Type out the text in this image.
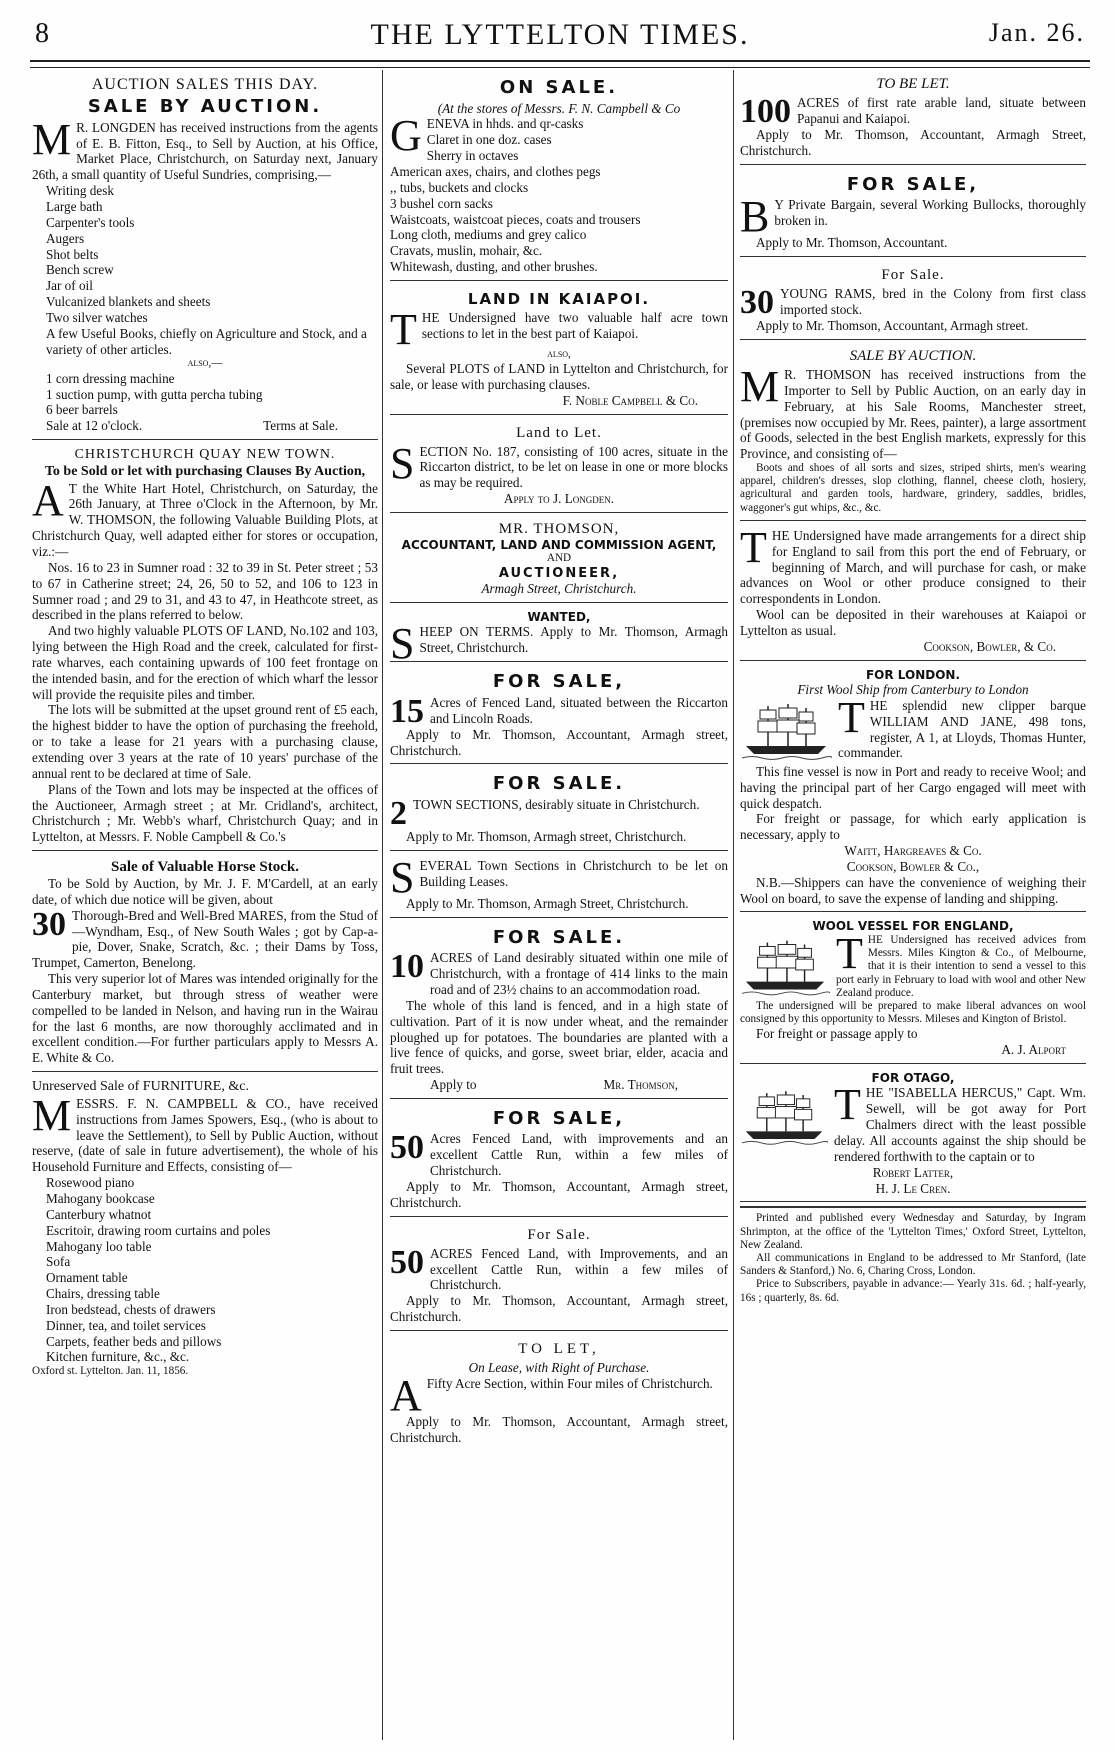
8	THE LYTTELTON TIMES.	Jan. 26.
AUCTION SALES THIS DAY.
SALE BY AUCTION.

M R. LONGDEN has received instructions from the agents of E. B. Fitton, Esq., to Sell by Auction, at his Office, Market Place, Christchurch, on Saturday next, January 26th, a small quantity of Useful Sundries, comprising,—

Writing desk
Large bath
Carpenter's tools
Augers
Shot belts
Bench screw
Jar of oil
Vulcanized blankets and sheets
Two silver watches
A few Useful Books, chiefly on Agriculture and Stock, and a variety of other articles.
also,—
1 corn dressing machine
1 suction pump, with gutta percha tubing
6 beer barrels
Sale at 12 o'clock.	Terms at Sale.
CHRISTCHURCH QUAY NEW TOWN.
To be Sold or let with purchasing Clauses By Auction,

A T the White Hart Hotel, Christchurch, on Saturday, the 26th January, at Three o'Clock in the Afternoon, by Mr. W. THOMSON, the following Valuable Building Plots, at Christchurch Quay, well adapted either for stores or occupation, viz.:—

Nos. 16 to 23 in Sumner road : 32 to 39 in St. Peter street ; 53 to 67 in Catherine street; 24, 26, 50 to 52, and 106 to 123 in Sumner road ; and 29 to 31, and 43 to 47, in Heathcote street, as described in the plans referred to below.

And two highly valuable PLOTS OF LAND, No.102 and 103, lying between the High Road and the creek, calculated for first-rate wharves, each containing upwards of 100 feet frontage on the intended basin, and for the erection of which wharf the lessor will provide the requisite piles and timber.

The lots will be submitted at the upset ground rent of £5 each, the highest bidder to have the option of purchasing the freehold, or to take a lease for 21 years with a purchasing clause, extending over 3 years at the rate of 10 years' purchase of the annual rent to be declared at time of Sale.

Plans of the Town and lots may be inspected at the offices of the Auctioneer, Armagh street ; at Mr. Cridland's, architect, Christchurch ; Mr. Webb's wharf, Christchurch Quay; and in Lyttelton, at Messrs. F. Noble Campbell & Co.'s

Sale of Valuable Horse Stock.

To be Sold by Auction, by Mr. J. F. M'Cardell, at an early date, of which due notice will be given, about

30 Thorough-Bred and Well-Bred MARES, from the Stud of —Wyndham, Esq., of New South Wales ; got by Cap-a-pie, Dover, Snake, Scratch, &c. ; their Dams by Toss, Trumpet, Camerton, Benelong.

This very superior lot of Mares was intended originally for the Canterbury market, but through stress of weather were compelled to be landed in Nelson, and having run in the Wairau for the last 6 months, are now thoroughly acclimated and in excellent condition.—For further particulars apply to Messrs A. E. White & Co.

Unreserved Sale of FURNITURE, &c.

MESSRS. F. N. CAMPBELL & CO., have received instructions from James Spowers, Esq., (who is about to leave the Settlement), to Sell by Public Auction, without reserve, (date of sale in future advertisement), the whole of his Household Furniture and Effects, consisting of—

Rosewood piano
Mahogany bookcase
Canterbury whatnot
Escritoir, drawing room curtains and poles
Mahogany loo table
Sofa
Ornament table
Chairs, dressing table
Iron bedstead, chests of drawers
Dinner, tea, and toilet services
Carpets, feather beds and pillows
Kitchen furniture, &c., &c.
Oxford st. Lyttelton. Jan. 11, 1856.
ON SALE.
(At the stores of Messrs. F. N. Campbell & Co
G ENEVA in hhds. and qr-casks
Claret in one doz. cases
Sherry in octaves
American axes, chairs, and clothes pegs
,, tubs, buckets and clocks
3 bushel corn sacks
Waistcoats, waistcoat pieces, coats and trousers
Long cloth, mediums and grey calico
Cravats, muslin, mohair, &c.
Whitewash, dusting, and other brushes.
LAND IN KAIAPOI.

THE Undersigned have two valuable half acre town sections to let in the best part of Kaiapoi.

also,

Several PLOTS of LAND in Lyttelton and Christchurch, for sale, or lease with purchasing clauses.

F. Noble Campbell & Co.
Land to Let.

SECTION No. 187, consisting of 100 acres, situate in the Riccarton district, to be let on lease in one or more blocks as may be required.

Apply to J. Longden.
MR. THOMSON,
ACCOUNTANT, LAND AND COMMISSION AGENT,
AND
AUCTIONEER,
Armagh Street, Christchurch.
WANTED,

SHEEP ON TERMS. Apply to Mr. Thomson, Armagh Street, Christchurch.

FOR SALE,

15 Acres of Fenced Land, situated between the Riccarton and Lincoln Roads.

Apply to Mr. Thomson, Accountant, Armagh street, Christchurch.

FOR SALE.

2 TOWN SECTIONS, desirably situate in Christchurch.

Apply to Mr. Thomson, Armagh street, Christchurch.

SEVERAL Town Sections in Christchurch to be let on Building Leases.

Apply to Mr. Thomson, Armagh Street, Christchurch.

FOR SALE.

10 ACRES of Land desirably situated within one mile of Christchurch, with a frontage of 414 links to the main road and of 23½ chains to an accommodation road.

The whole of this land is fenced, and in a high state of cultivation. Part of it is now under wheat, and the remainder ploughed up for potatoes. The boundaries are planted with a live fence of quicks, and gorse, sweet briar, elder, acacia and fruit trees.

Apply to	Mr. Thomson,
FOR SALE,

50 Acres Fenced Land, with improvements and an excellent Cattle Run, within a few miles of Christchurch.

Apply to Mr. Thomson, Accountant, Armagh street, Christchurch.

For Sale.

50 ACRES Fenced Land, with Improvements, and an excellent Cattle Run, within a few miles of Christchurch.

Apply to Mr. Thomson, Accountant, Armagh street, Christchurch.

TO LET,
On Lease, with Right of Purchase.

A Fifty Acre Section, within Four miles of Christchurch.

Apply to Mr. Thomson, Accountant, Armagh street, Christchurch.

TO BE LET.

100 ACRES of first rate arable land, situate between Papanui and Kaiapoi.

Apply to Mr. Thomson, Accountant, Armagh Street, Christchurch.

FOR SALE,

B Y Private Bargain, several Working Bullocks, thoroughly broken in.

Apply to Mr. Thomson, Accountant.

For Sale.

30 YOUNG RAMS, bred in the Colony from first class imported stock.

Apply to Mr. Thomson, Accountant, Armagh street.

SALE BY AUCTION.

M R. THOMSON has received instructions from the Importer to Sell by Public Auction, on an early day in February, at his Sale Rooms, Manchester street, (premises now occupied by Mr. Rees, painter), a large assortment of Goods, selected in the best English markets, expressly for this Province, and consisting of—

Boots and shoes of all sorts and sizes, striped shirts, men's wearing apparel, children's dresses, slop clothing, flannel, cheese cloth, hosiery, agricultural and garden tools, hardware, grindery, saddles, bridles, waggoner's gut whips, &c., &c.

THE Undersigned have made arrangements for a direct ship for England to sail from this port the end of February, or beginning of March, and will purchase for cash, or make advances on Wool or other produce consigned to their correspondents in London.

Wool can be deposited in their warehouses at Kaiapoi or Lyttelton as usual.

Cookson, Bowler, & Co.
FOR LONDON.
First Wool Ship from Canterbury to London

THE splendid new clipper barque WILLIAM AND JANE, 498 tons, register, A 1, at Lloyds, Thomas Hunter, commander.

This fine vessel is now in Port and ready to receive Wool; and having the principal part of her Cargo engaged will meet with quick despatch.

For freight or passage, for which early application is necessary, apply to

Waitt, Hargreaves & Co.
Cookson, Bowler & Co.,

N.B.—Shippers can have the convenience of weighing their Wool on board, to save the expense of landing and shipping.

WOOL VESSEL FOR ENGLAND,

THE Undersigned has received advices from Messrs. Miles Kington & Co., of Melbourne, that it is their intention to send a vessel to this port early in February to load with wool and other New Zealand produce.

The undersigned will be prepared to make liberal advances on wool consigned by this opportunity to Messrs. Mileses and Kington of Bristol.

For freight or passage apply to

A. J. Alport
FOR OTAGO,

THE "ISABELLA HERCUS," Capt. Wm. Sewell, will be got away for Port Chalmers direct with the least possible delay. All accounts against the ship should be rendered forthwith to the captain or to

Robert Latter,
H. J. Le Cren.

Printed and published every Wednesday and Saturday, by Ingram Shrimpton, at the office of the 'Lyttelton Times,' Oxford Street, Lyttelton, New Zealand.

All communications in England to be addressed to Mr Stanford, (late Sanders & Stanford,) No. 6, Charing Cross, London.

Price to Subscribers, payable in advance:— Yearly 31s. 6d. ; half-yearly, 16s ; quarterly, 8s. 6d.
